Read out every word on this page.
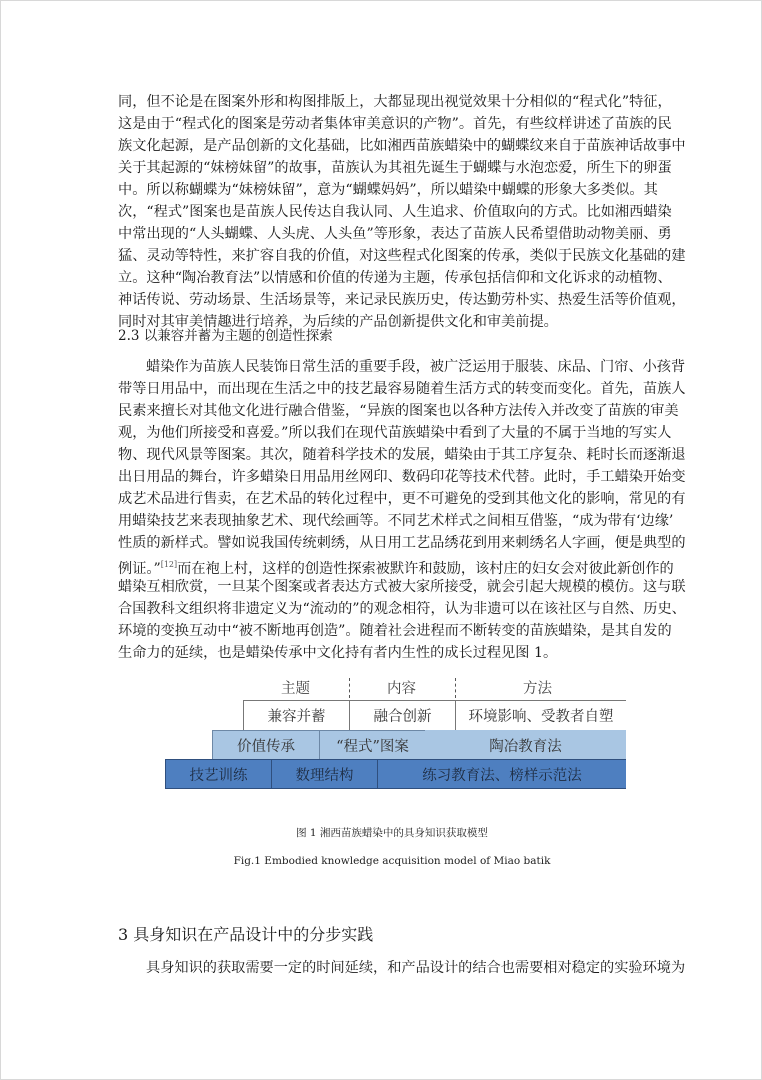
同，但不论是在图案外形和构图排版上，大都显现出视觉效果十分相似的“程式化”特征，
这是由于“程式化的图案是劳动者集体审美意识的产物”。首先，有些纹样讲述了苗族的民
族文化起源，是产品创新的文化基础，比如湘西苗族蜡染中的蝴蝶纹来自于苗族神话故事中
关于其起源的“妹榜妹留”的故事，苗族认为其祖先诞生于蝴蝶与水泡恋爱，所生下的卵蛋
中。所以称蝴蝶为“妹榜妹留”，意为“蝴蝶妈妈”，所以蜡染中蝴蝶的形象大多类似。其
次，“程式”图案也是苗族人民传达自我认同、人生追求、价值取向的方式。比如湘西蜡染
中常出现的“人头蝴蝶、人头虎、人头鱼”等形象，表达了苗族人民希望借助动物美丽、勇
猛、灵动等特性，来扩容自我的价值，对这些程式化图案的传承，类似于民族文化基础的建
立。这种“陶冶教育法”以情感和价值的传递为主题，传承包括信仰和文化诉求的动植物、
神话传说、劳动场景、生活场景等，来记录民族历史，传达勤劳朴实、热爱生活等价值观，
同时对其审美情趣进行培养，为后续的产品创新提供文化和审美前提。
2.3 以兼容并蓄为主题的创造性探索
蜡染作为苗族人民装饰日常生活的重要手段，被广泛运用于服装、床品、门帘、小孩背
带等日用品中，而出现在生活之中的技艺最容易随着生活方式的转变而变化。首先，苗族人
民素来擅长对其他文化进行融合借鉴，“异族的图案也以各种方法传入并改变了苗族的审美
观，为他们所接受和喜爱。”所以我们在现代苗族蜡染中看到了大量的不属于当地的写实人
物、现代风景等图案。其次，随着科学技术的发展，蜡染由于其工序复杂、耗时长而逐渐退
出日用品的舞台，许多蜡染日用品用丝网印、数码印花等技术代替。此时，手工蜡染开始变
成艺术品进行售卖，在艺术品的转化过程中，更不可避免的受到其他文化的影响，常见的有
用蜡染技艺来表现抽象艺术、现代绘画等。不同艺术样式之间相互借鉴，“成为带有‘边缘’
性质的新样式。譬如说我国传统刺绣，从日用工艺品绣花到用来刺绣名人字画，便是典型的
例证。”[12]而在袍上村，这样的创造性探索被默许和鼓励，该村庄的妇女会对彼此新创作的
蜡染互相欣赏，一旦某个图案或者表达方式被大家所接受，就会引起大规模的模仿。这与联
合国教科文组织将非遗定义为“流动的”的观念相符，认为非遗可以在该社区与自然、历史、
环境的变换互动中“被不断地再创造”。随着社会进程而不断转变的苗族蜡染，是其自发的
生命力的延续，也是蜡染传承中文化持有者内生性的成长过程见图 1。
主题	内容	方法
兼容并蓄	融合创新	环境影响、受教者自塑
价值传承	“程式”图案	陶冶教育法
技艺训练	数理结构	练习教育法、榜样示范法
图 1 湘西苗族蜡染中的具身知识获取模型
Fig.1 Embodied knowledge acquisition model of Miao batik
3 具身知识在产品设计中的分步实践
具身知识的获取需要一定的时间延续，和产品设计的结合也需要相对稳定的实验环境为
